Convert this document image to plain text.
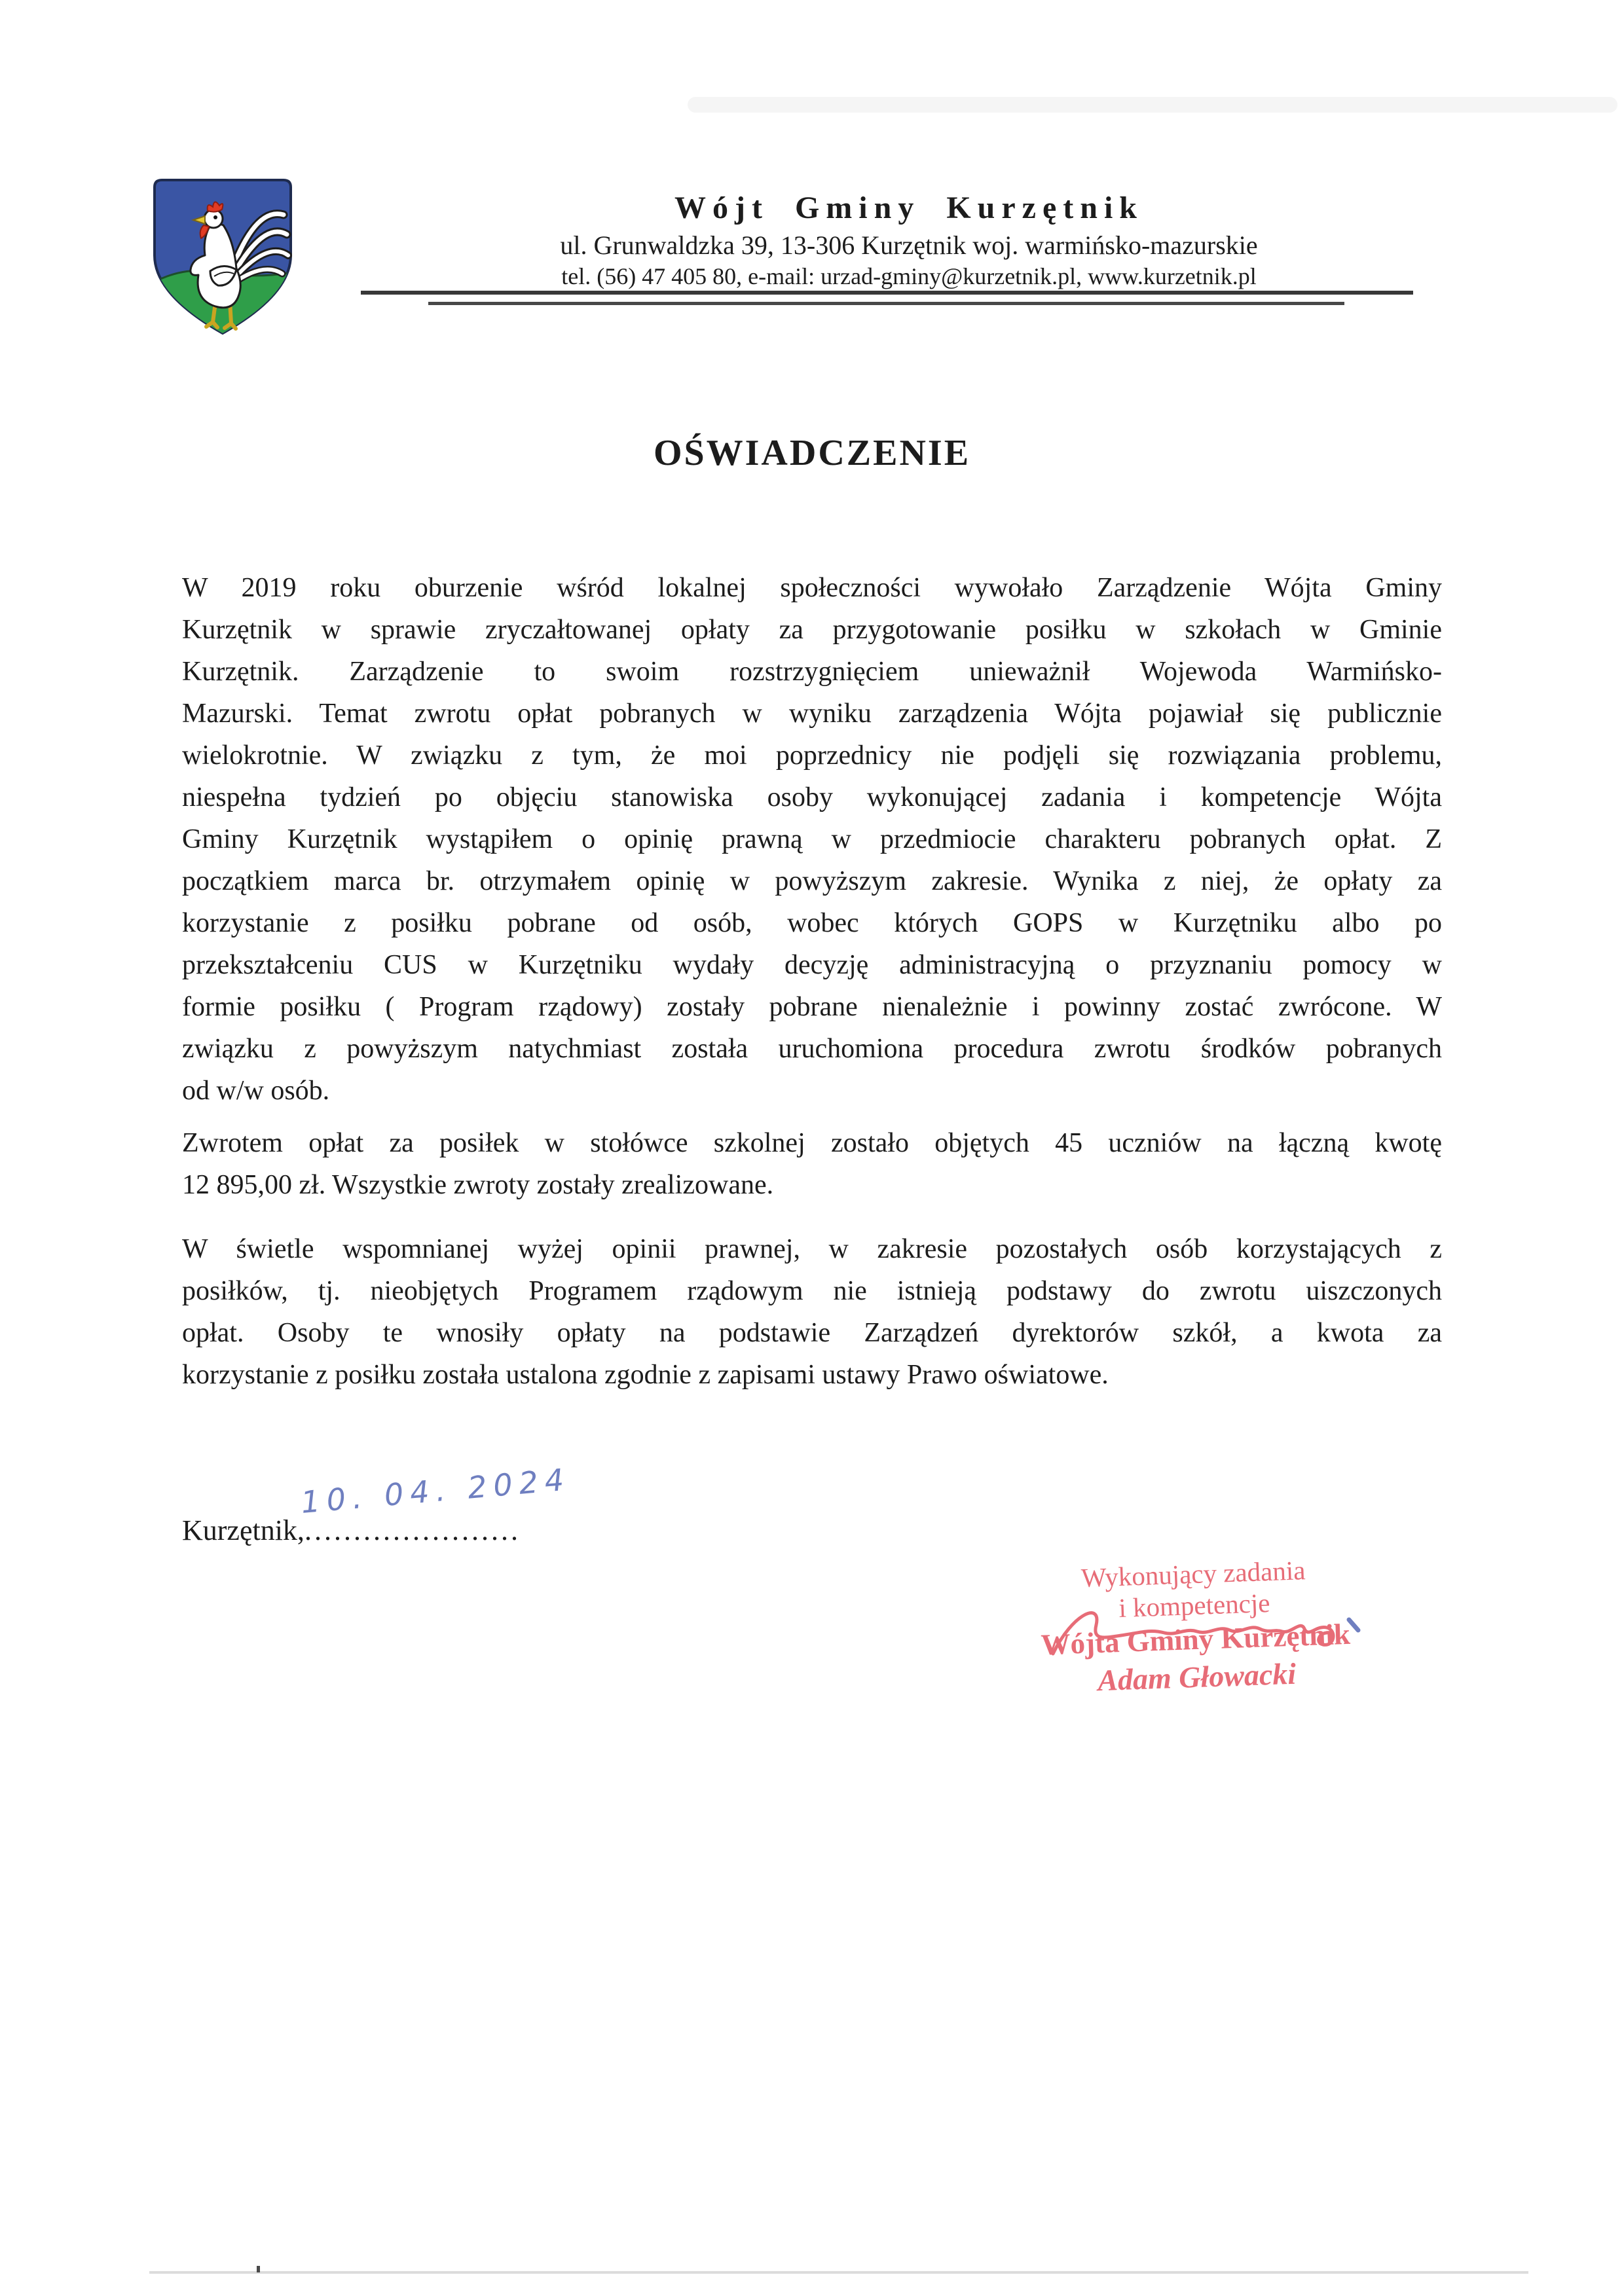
Wójt Gminy Kurzętnik
ul. Grunwaldzka 39, 13-306 Kurzętnik woj. warmińsko-mazurskie
tel. (56) 47 405 80, e-mail: urzad-gminy@kurzetnik.pl, www.kurzetnik.pl
OŚWIADCZENIE
W 2019 roku oburzenie wśród lokalnej społeczności wywołało Zarządzenie Wójta Gminy
Kurzętnik w sprawie zryczałtowanej opłaty za przygotowanie posiłku w szkołach w Gminie
Kurzętnik. Zarządzenie to swoim rozstrzygnięciem unieważnił Wojewoda Warmińsko-
Mazurski. Temat zwrotu opłat pobranych w wyniku zarządzenia Wójta pojawiał się publicznie
wielokrotnie. W związku z tym, że moi poprzednicy nie podjęli się rozwiązania problemu,
niespełna tydzień po objęciu stanowiska osoby wykonującej zadania i kompetencje Wójta
Gminy Kurzętnik wystąpiłem o opinię prawną w przedmiocie charakteru pobranych opłat. Z
początkiem marca br. otrzymałem opinię w powyższym zakresie. Wynika z niej, że opłaty za
korzystanie z posiłku pobrane od osób, wobec których GOPS w Kurzętniku albo po
przekształceniu CUS w Kurzętniku wydały decyzję administracyjną o przyznaniu pomocy w
formie posiłku ( Program rządowy) zostały pobrane nienależnie i powinny zostać zwrócone. W
związku z powyższym natychmiast została uruchomiona procedura zwrotu środków pobranych
od w/w osób.
Zwrotem opłat za posiłek w stołówce szkolnej zostało objętych 45 uczniów na łączną kwotę
12 895,00 zł. Wszystkie zwroty zostały zrealizowane.
W świetle wspomnianej wyżej opinii prawnej, w zakresie pozostałych osób korzystających z
posiłków, tj. nieobjętych Programem rządowym nie istnieją podstawy do zwrotu uiszczonych
opłat. Osoby te wnosiły opłaty na podstawie Zarządzeń dyrektorów szkół, a kwota za
korzystanie z posiłku została ustalona zgodnie z zapisami ustawy Prawo oświatowe.
Kurzętnik,......................
10. 04. 2024
Wykonujący zadania
i kompetencje
Wójta Gminy Kurzętnik
Adam Głowacki
